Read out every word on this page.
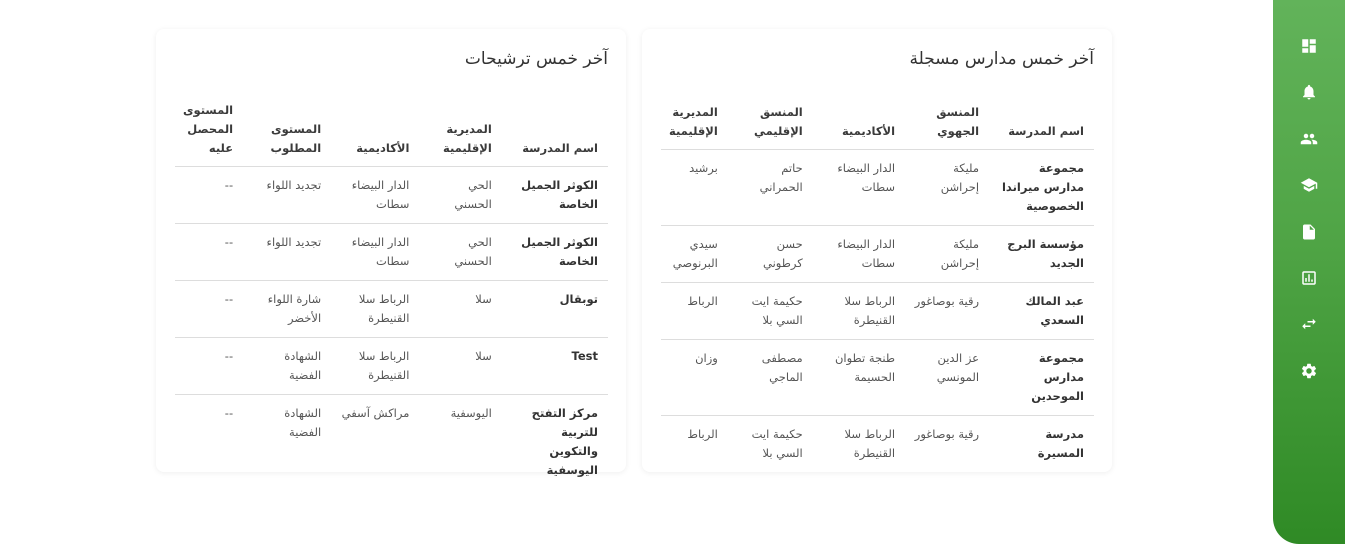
آخر خمس مدارس مسجلة
اسم المدرسة	المنسق الجهوي	الأكاديمية	المنسق الإقليمي	المديرية الإقليمية
مجموعة مدارس ميراندا الخصوصية	مليكة إحراشن	الدار البيضاء سطات	حاتم الحمراني	برشيد
مؤسسة البرج الجديد	مليكة إحراشن	الدار البيضاء سطات	حسن كرطوني	سيدي البرنوصي
عبد المالك السعدي	رقية بوصاغور	الرباط سلا القنيطرة	حكيمة ايت السي بلا	الرباط
مجموعة مدارس الموحدين	عز الدين المونسي	طنجة تطوان الحسيمة	مصطفى الماجي	وزان
مدرسة المسيرة	رقية بوصاغور	الرباط سلا القنيطرة	حكيمة ايت السي بلا	الرباط
آخر خمس ترشيحات
اسم المدرسة	المديرية الإقليمية	الأكاديمية	المستوى المطلوب	المستوى المحصل عليه
الكوثر الجميل الخاصة	الحي الحسني	الدار البيضاء سطات	تجديد اللواء	--
الكوثر الجميل الخاصة	الحي الحسني	الدار البيضاء سطات	تجديد اللواء	--
توبقال	سلا	الرباط سلا القنيطرة	شارة اللواء الأخضر	--
Test	سلا	الرباط سلا القنيطرة	الشهادة الفضية	--
مركز التفتح للتربية والتكوين اليوسفية	اليوسفية	مراكش آسفي	الشهادة الفضية	--
